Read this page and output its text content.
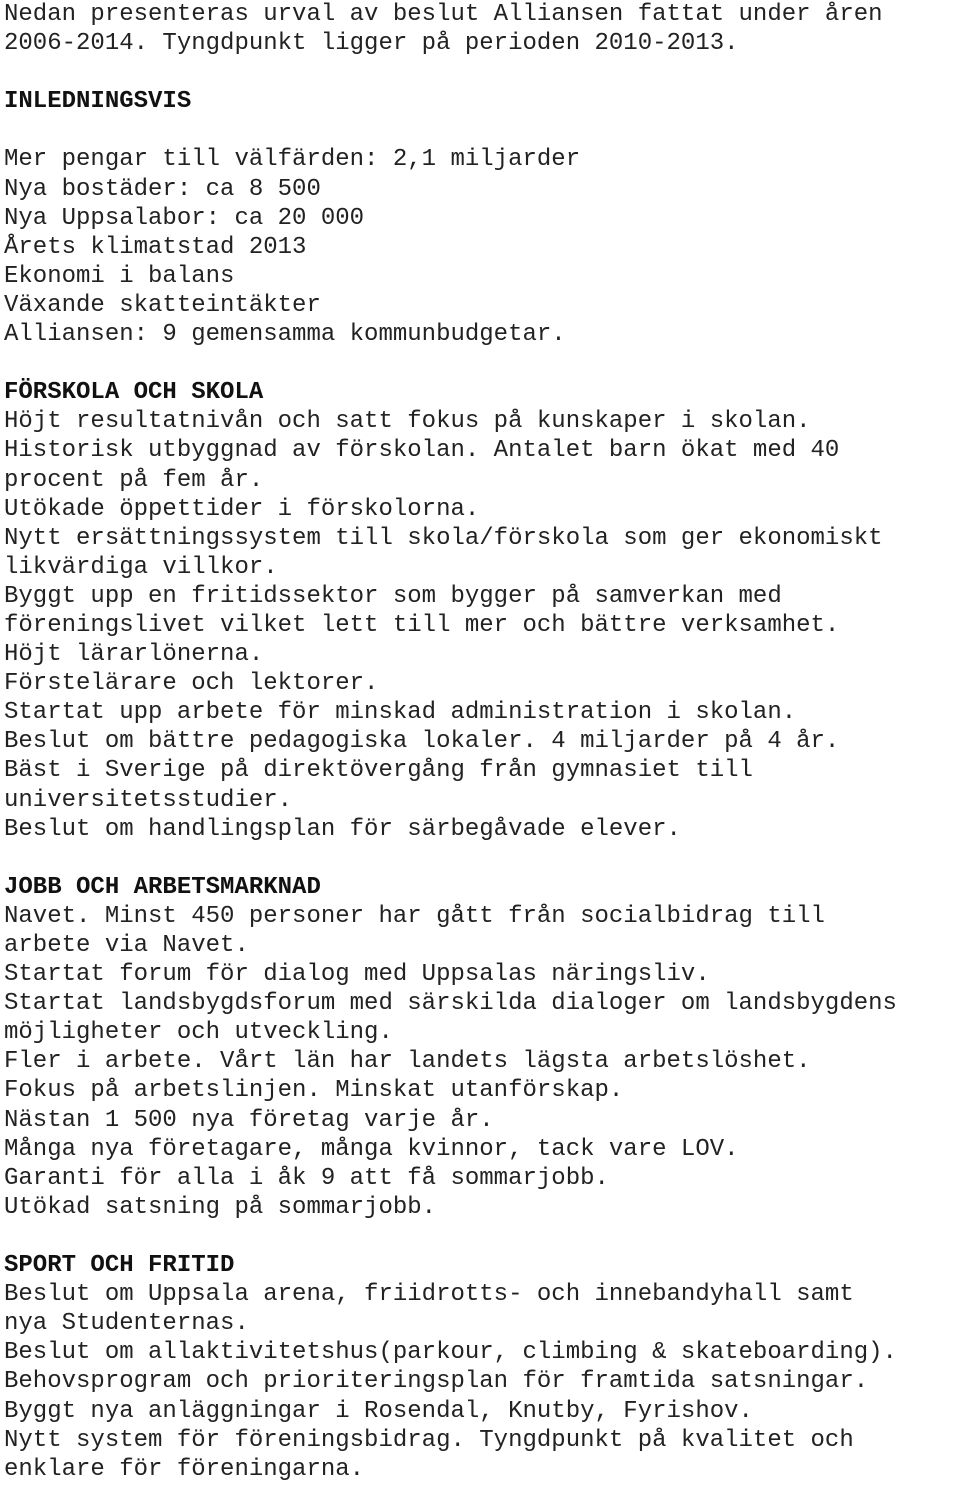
Nedan presenteras urval av beslut Alliansen fattat under åren
2006-2014. Tyngdpunkt ligger på perioden 2010-2013.
INLEDNINGSVIS
Mer pengar till välfärden: 2,1 miljarder
Nya bostäder: ca 8 500
Nya Uppsalabor: ca 20 000
Årets klimatstad 2013
Ekonomi i balans
Växande skatteintäkter
Alliansen: 9 gemensamma kommunbudgetar.
FÖRSKOLA OCH SKOLA
Höjt resultatnivån och satt fokus på kunskaper i skolan.
Historisk utbyggnad av förskolan. Antalet barn ökat med 40
procent på fem år.
Utökade öppettider i förskolorna.
Nytt ersättningssystem till skola/förskola som ger ekonomiskt
likvärdiga villkor.
Byggt upp en fritidssektor som bygger på samverkan med
föreningslivet vilket lett till mer och bättre verksamhet.
Höjt lärarlönerna.
Förstelärare och lektorer.
Startat upp arbete för minskad administration i skolan.
Beslut om bättre pedagogiska lokaler. 4 miljarder på 4 år.
Bäst i Sverige på direktövergång från gymnasiet till
universitetsstudier.
Beslut om handlingsplan för särbegåvade elever.
JOBB OCH ARBETSMARKNAD
Navet. Minst 450 personer har gått från socialbidrag till
arbete via Navet.
Startat forum för dialog med Uppsalas näringsliv.
Startat landsbygdsforum med särskilda dialoger om landsbygdens
möjligheter och utveckling.
Fler i arbete. Vårt län har landets lägsta arbetslöshet.
Fokus på arbetslinjen. Minskat utanförskap.
Nästan 1 500 nya företag varje år.
Många nya företagare, många kvinnor, tack vare LOV.
Garanti för alla i åk 9 att få sommarjobb.
Utökad satsning på sommarjobb.
SPORT OCH FRITID
Beslut om Uppsala arena, friidrotts- och innebandyhall samt
nya Studenternas.
Beslut om allaktivitetshus(parkour, climbing & skateboarding).
Behovsprogram och prioriteringsplan för framtida satsningar.
Byggt nya anläggningar i Rosendal, Knutby, Fyrishov.
Nytt system för föreningsbidrag. Tyngdpunkt på kvalitet och
enklare för föreningarna.
